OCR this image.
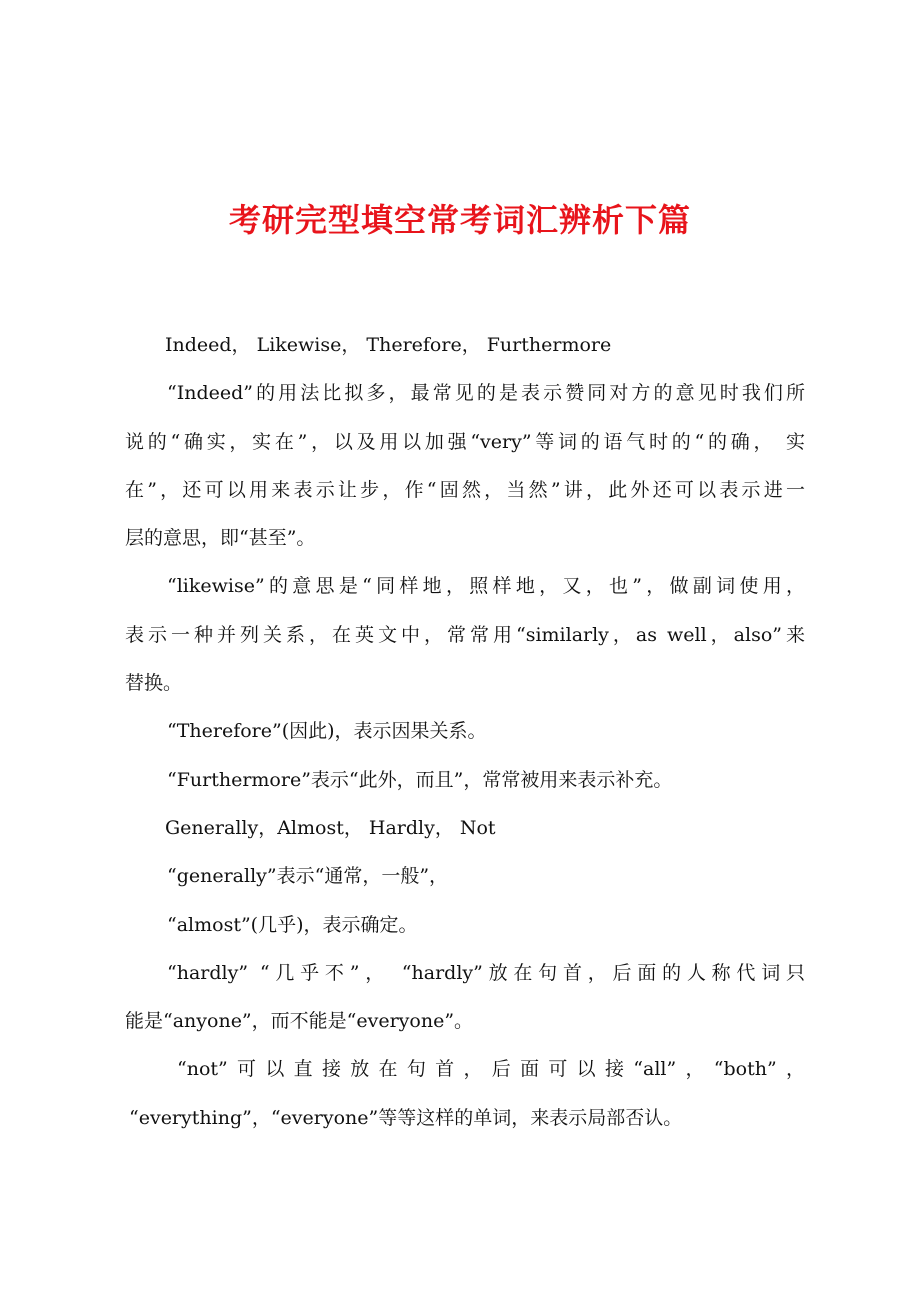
考研完型填空常考词汇辨析下篇
Indeed， Likewise， Therefore， Furthermore
“Indeed”的用法比拟多，最常见的是表示赞同对方的意见时我们所
说的“确实，实在”，以及用以加强“very”等词的语气时的“的确， 实
在”，还可以用来表示让步，作“固然，当然”讲，此外还可以表示进一
层的意思，即“甚至”。
“likewise”的意思是“同样地，照样地，又，也”，做副词使用，
表示一种并列关系，在英文中，常常用“similarly，as well，also”来
替换。
“Therefore”(因此)，表示因果关系。
“Furthermore”表示“此外，而且”，常常被用来表示补充。
Generally，Almost， Hardly， Not
“generally”表示“通常，一般”，
“almost”(几乎)，表示确定。
“hardly” “几乎不”， “hardly”放在句首，后面的人称代词只
能是“anyone”，而不能是“everyone”。
“not”可以直接放在句首，后面可以接“all”，“both”，
“everything”，“everyone”等等这样的单词，来表示局部否认。
